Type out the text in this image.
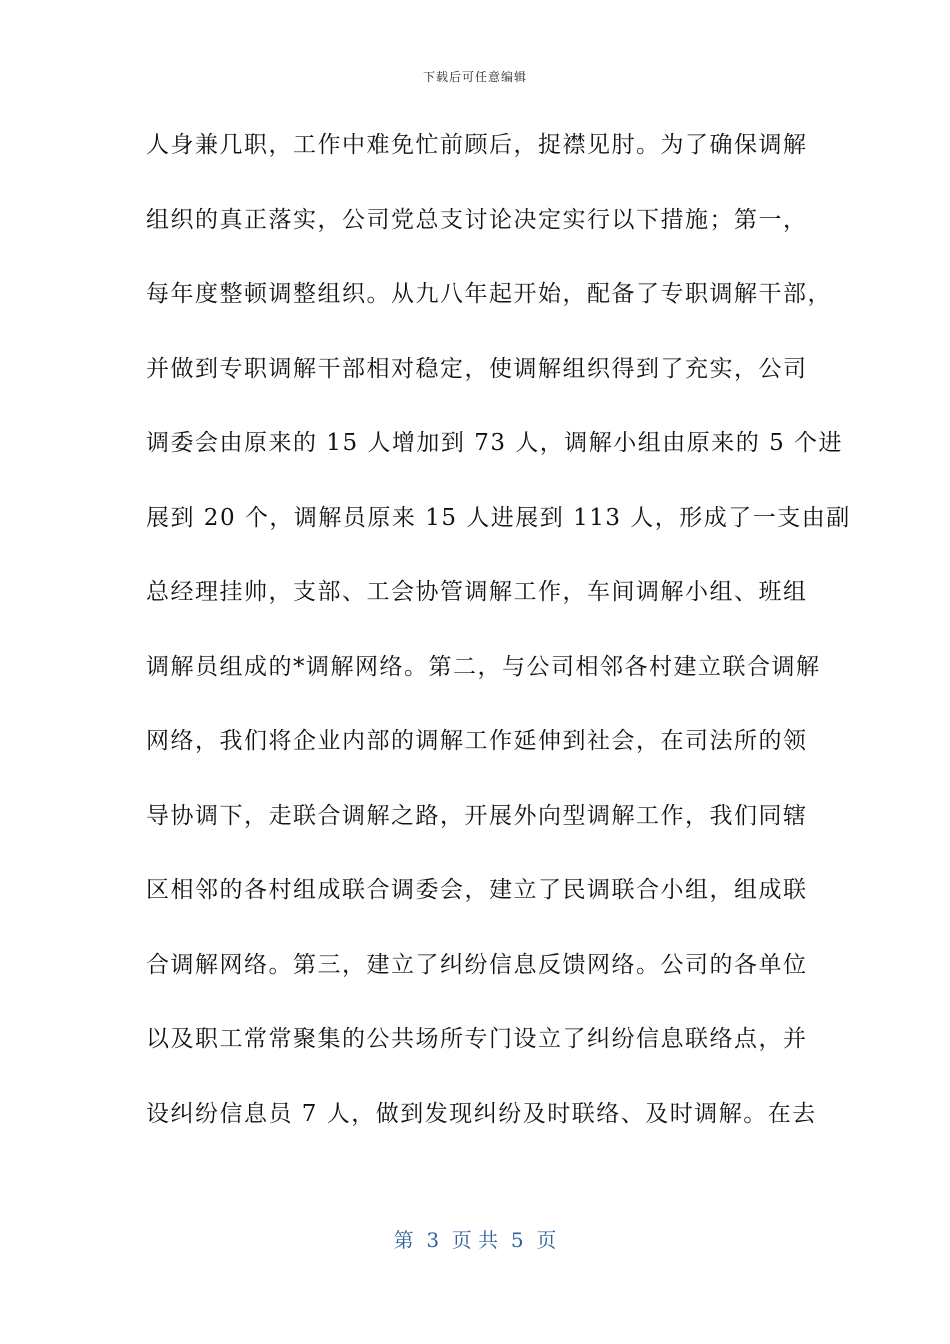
下载后可任意编辑
人身兼几职，工作中难免忙前顾后，捉襟见肘。为了确保调解
组织的真正落实，公司党总支讨论决定实行以下措施；第一，
每年度整顿调整组织。从九八年起开始，配备了专职调解干部，
并做到专职调解干部相对稳定，使调解组织得到了充实，公司
调委会由原来的 15 人增加到 73 人，调解小组由原来的 5 个进
展到 20 个，调解员原来 15 人进展到 113 人，形成了一支由副
总经理挂帅，支部、工会协管调解工作，车间调解小组、班组
调解员组成的*调解网络。第二，与公司相邻各村建立联合调解
网络，我们将企业内部的调解工作延伸到社会，在司法所的领
导协调下，走联合调解之路，开展外向型调解工作，我们同辖
区相邻的各村组成联合调委会，建立了民调联合小组，组成联
合调解网络。第三，建立了纠纷信息反馈网络。公司的各单位
以及职工常常聚集的公共场所专门设立了纠纷信息联络点，并
设纠纷信息员 7 人，做到发现纠纷及时联络、及时调解。在去
第  3  页 共  5  页
